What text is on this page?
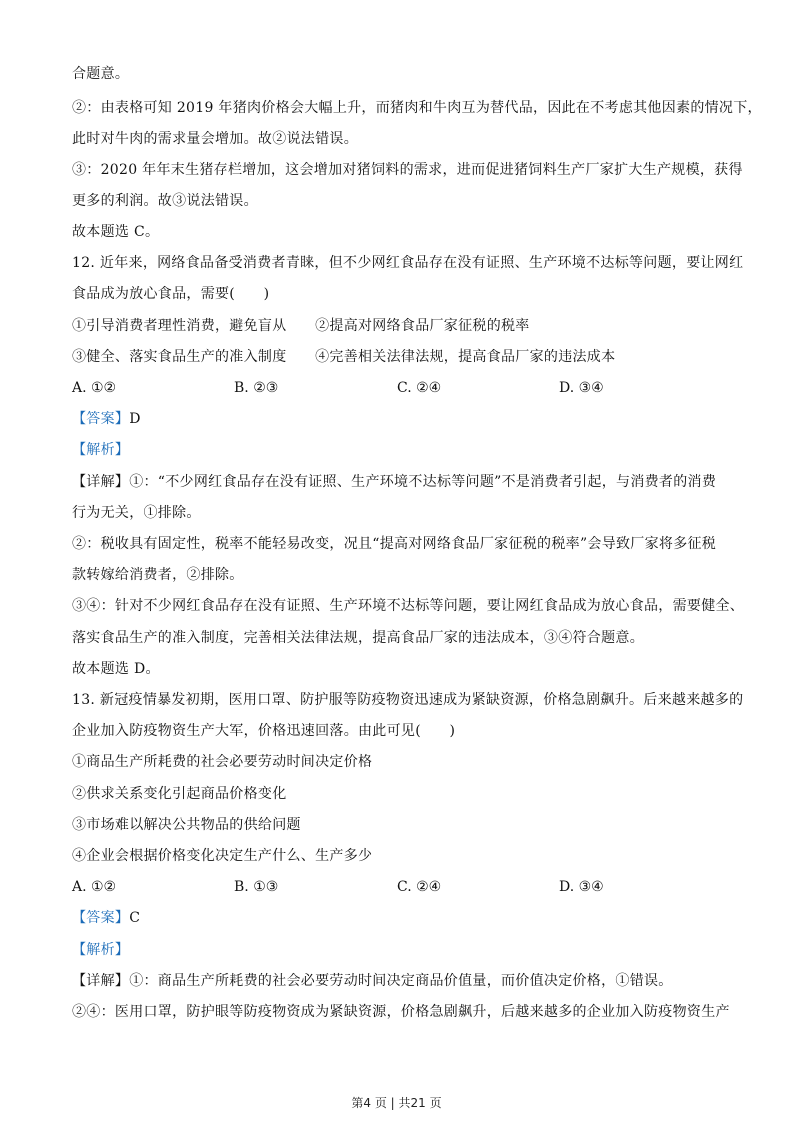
合题意。
②：由表格可知 2019 年猪肉价格会大幅上升，而猪肉和牛肉互为替代品，因此在不考虑其他因素的情况下，
此时对牛肉的需求量会增加。故②说法错误。
③：2020 年年末生猪存栏增加，这会增加对猪饲料的需求，进而促进猪饲料生产厂家扩大生产规模，获得
更多的利润。故③说法错误。
故本题选 C。
12. 近年来，网络食品备受消费者青睐，但不少网红食品存在没有证照、生产环境不达标等问题，要让网红
食品成为放心食品，需要(　　)
①引导消费者理性消费，避免盲从　　②提高对网络食品厂家征税的税率
③健全、落实食品生产的准入制度　　④完善相关法律法规，提高食品厂家的违法成本
A. ①②	B. ②③	C. ②④	D. ③④
【答案】D
【解析】
【详解】①：“不少网红食品存在没有证照、生产环境不达标等问题”不是消费者引起，与消费者的消费
行为无关，①排除。
②：税收具有固定性，税率不能轻易改变，况且“提高对网络食品厂家征税的税率”会导致厂家将多征税
款转嫁给消费者，②排除。
③④：针对不少网红食品存在没有证照、生产环境不达标等问题，要让网红食品成为放心食品，需要健全、
落实食品生产的准入制度，完善相关法律法规，提高食品厂家的违法成本，③④符合题意。
故本题选 D。
13. 新冠疫情暴发初期，医用口罩、防护服等防疫物资迅速成为紧缺资源，价格急剧飙升。后来越来越多的
企业加入防疫物资生产大军，价格迅速回落。由此可见(　　)
①商品生产所耗费的社会必要劳动时间决定价格
②供求关系变化引起商品价格变化
③市场难以解决公共物品的供给问题
④企业会根据价格变化决定生产什么、生产多少
A. ①②	B. ①③	C. ②④	D. ③④
【答案】C
【解析】
【详解】①：商品生产所耗费的社会必要劳动时间决定商品价值量，而价值决定价格，①错误。
②④：医用口罩，防护眼等防疫物资成为紧缺资源，价格急剧飙升，后越来越多的企业加入防疫物资生产
第4 页 | 共21 页
